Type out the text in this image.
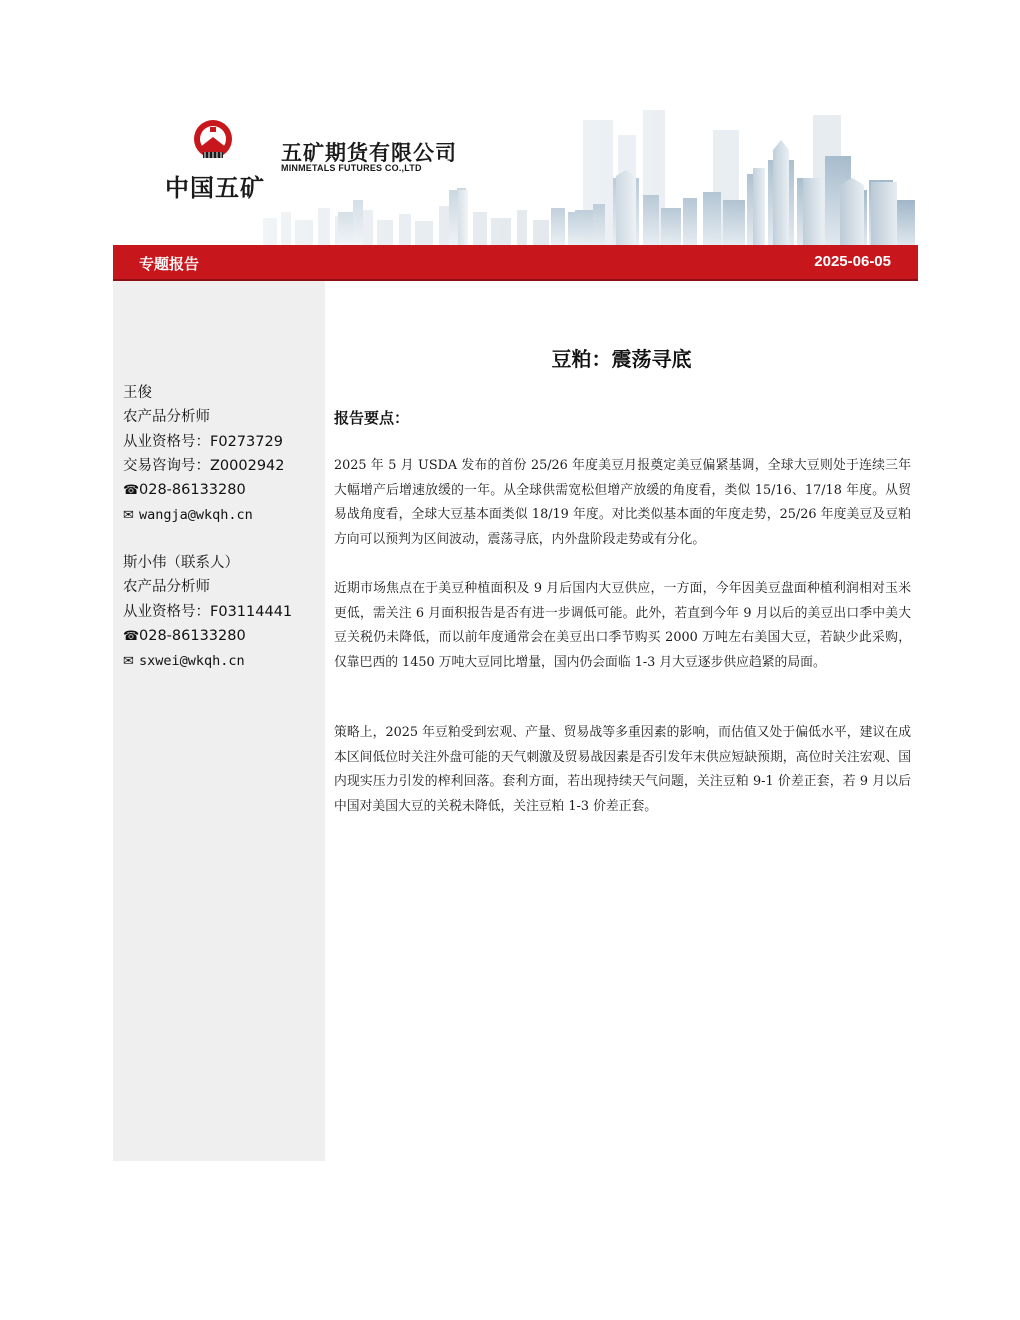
中国五矿
五矿期货有限公司
MINMETALS FUTURES CO.,LTD
专题报告	2025-06-05
王俊
农产品分析师
从业资格号：F0273729
交易咨询号：Z0002942
☎028-86133280
✉ wangja@wkqh.cn
斯小伟（联系人）
农产品分析师
从业资格号：F03114441
☎028-86133280
✉ sxwei@wkqh.cn
豆粕：震荡寻底
报告要点：

2025 年 5 月 USDA 发布的首份 25/26 年度美豆月报奠定美豆偏紧基调，全球大豆则处于连续三年大幅增产后增速放缓的一年。从全球供需宽松但增产放缓的角度看，类似 15/16、17/18 年度。从贸易战角度看，全球大豆基本面类似 18/19 年度。对比类似基本面的年度走势，25/26 年度美豆及豆粕方向可以预判为区间波动，震荡寻底，内外盘阶段走势或有分化。

近期市场焦点在于美豆种植面积及 9 月后国内大豆供应，一方面，今年因美豆盘面种植利润相对玉米更低，需关注 6 月面积报告是否有进一步调低可能。此外，若直到今年 9 月以后的美豆出口季中美大豆关税仍未降低，而以前年度通常会在美豆出口季节购买 2000 万吨左右美国大豆，若缺少此采购，仅靠巴西的 1450 万吨大豆同比增量，国内仍会面临 1-3 月大豆逐步供应趋紧的局面。

策略上，2025 年豆粕受到宏观、产量、贸易战等多重因素的影响，而估值又处于偏低水平，建议在成本区间低位时关注外盘可能的天气刺激及贸易战因素是否引发年末供应短缺预期，高位时关注宏观、国内现实压力引发的榨利回落。套利方面，若出现持续天气问题，关注豆粕 9-1 价差正套，若 9 月以后中国对美国大豆的关税未降低，关注豆粕 1-3 价差正套。
